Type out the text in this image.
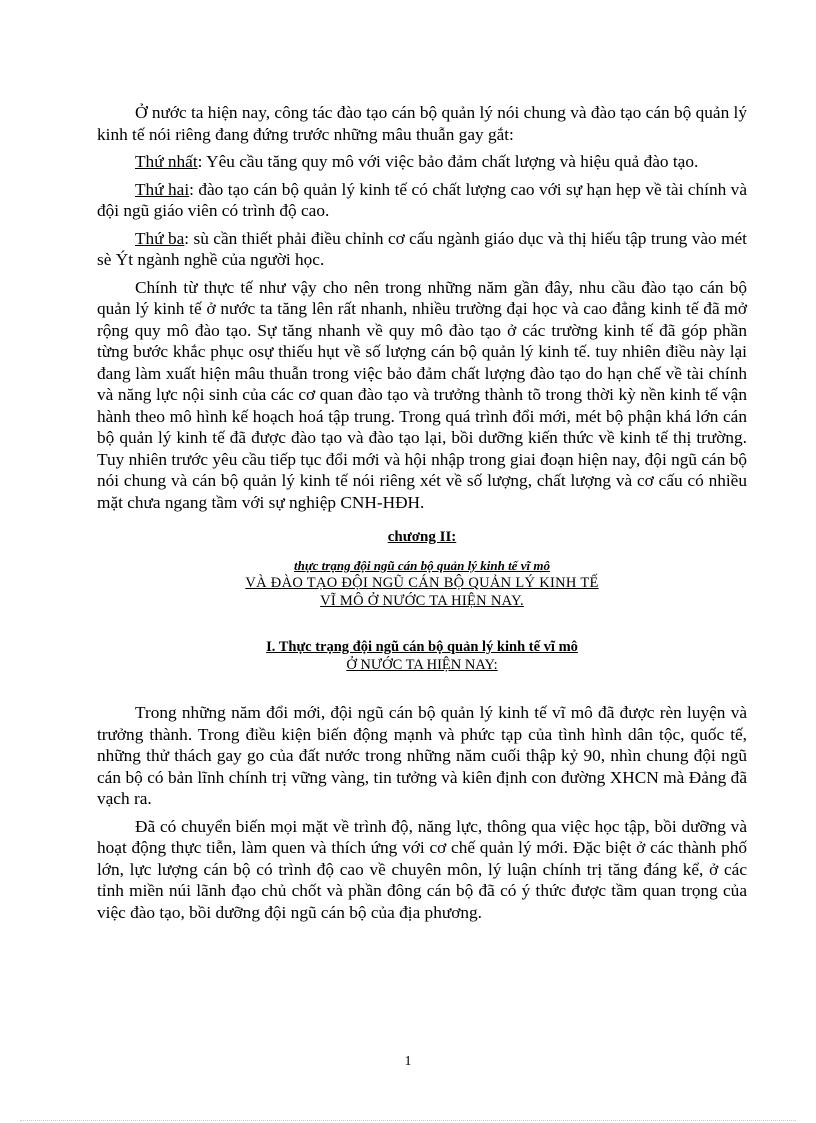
Ở nước ta hiện nay, công tác đào tạo cán bộ quản lý nói chung và đào tạo cán bộ quản lý kinh tế nói riêng đang đứng trước những mâu thuẫn gay gắt:

Thứ nhất: Yêu cầu tăng quy mô với việc bảo đảm chất lượng và hiệu quả đào tạo.

Thứ hai: đào tạo cán bộ quản lý kinh tế có chất lượng cao với sự hạn hẹp về tài chính và đội ngũ giáo viên có trình độ cao.

Thứ ba: sù cần thiết phải điều chỉnh cơ cấu ngành giáo dục và thị hiếu tập trung vào mét sè Ýt ngành nghề của người học.

Chính từ thực tế như vậy cho nên trong những năm gần đây, nhu cầu đào tạo cán bộ quản lý kinh tế ở nước ta tăng lên rất nhanh, nhiều trường đại học và cao đẳng kinh tế đã mở rộng quy mô đào tạo. Sự tăng nhanh về quy mô đào tạo ở các trường kinh tế đã góp phần từng bước khắc phục osự thiếu hụt về số lượng cán bộ quản lý kinh tế. tuy nhiên điều này lại đang làm xuất hiện mâu thuẫn trong việc bảo đảm chất lượng đào tạo do hạn chế về tài chính và năng lực nội sinh của các cơ quan đào tạo và trưởng thành tõ trong thời kỳ nền kinh tế vận hành theo mô hình kế hoạch hoá tập trung. Trong quá trình đổi mới, mét bộ phận khá lớn cán bộ quản lý kinh tế đã được đào tạo và đào tạo lại, bồi dưỡng kiến thức về kinh tế thị trường. Tuy nhiên trước yêu cầu tiếp tục đổi mới và hội nhập trong giai đoạn hiện nay, đội ngũ cán bộ nói chung và cán bộ quản lý kinh tế nói riêng xét về số lượng, chất lượng và cơ cấu có nhiều mặt chưa ngang tầm với sự nghiệp CNH-HĐH.

chương II:
thực trạng đội ngũ cán bộ quản lý kinh tế vĩ mô
VÀ ĐÀO TẠO ĐỘI NGŨ CÁN BỘ QUẢN LÝ KINH TẾ
VĨ MÔ Ở NƯỚC TA HIỆN NAY.
I. Thực trạng đội ngũ cán bộ quản lý kinh tế vĩ mô
Ở NƯỚC TA HIỆN NAY:

Trong những năm đổi mới, đội ngũ cán bộ quản lý kinh tế vĩ mô đã được rèn luyện và trưởng thành. Trong điều kiện biến động mạnh và phức tạp của tình hình dân tộc, quốc tế, những thử thách gay go của đất nước trong những năm cuối thập kỷ 90, nhìn chung đội ngũ cán bộ có bản lĩnh chính trị vững vàng, tin tưởng và kiên định con đường XHCN mà Đảng đã vạch ra.

Đã có chuyển biến mọi mặt về trình độ, năng lực, thông qua việc học tập, bồi dưỡng và hoạt động thực tiễn, làm quen và thích ứng với cơ chế quản lý mới. Đặc biệt ở các thành phố lớn, lực lượng cán bộ có trình độ cao về chuyên môn, lý luận chính trị tăng đáng kể, ở các tỉnh miền núi lãnh đạo chủ chốt và phần đông cán bộ đã có ý thức được tầm quan trọng của việc đào tạo, bồi dưỡng đội ngũ cán bộ của địa phương.

1
